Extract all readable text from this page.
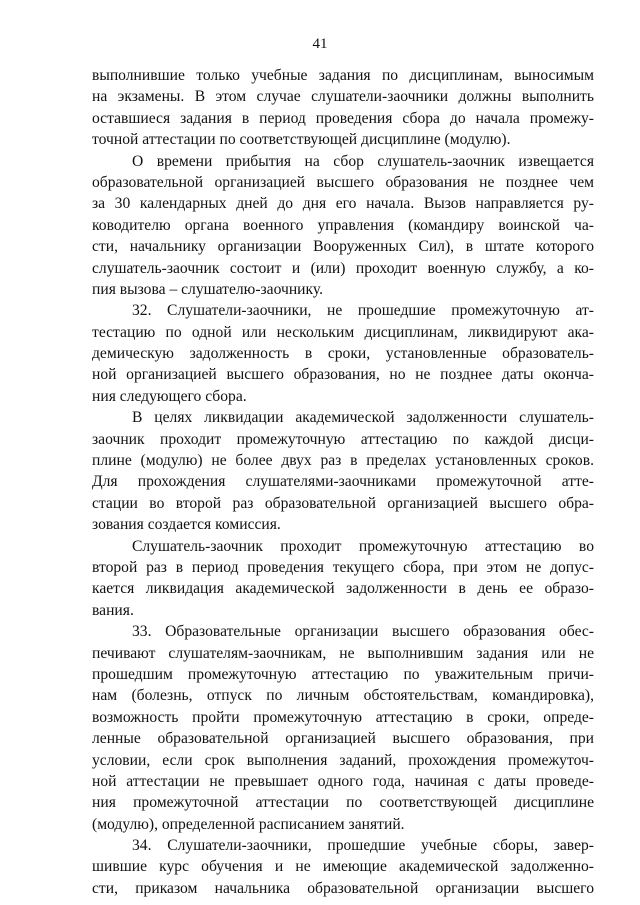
41
выполнившие только учебные задания по дисциплинам, выносимым
на экзамены. В этом случае слушатели-заочники должны выполнить
оставшиеся задания в период проведения сбора до начала промежу-
точной аттестации по соответствующей дисциплине (модулю).
О времени прибытия на сбор слушатель-заочник извещается
образовательной организацией высшего образования не позднее чем
за 30 календарных дней до дня его начала. Вызов направляется ру-
ководителю органа военного управления (командиру воинской ча-
сти, начальнику организации Вооруженных Сил), в штате которого
слушатель-заочник состоит и (или) проходит военную службу, а ко-
пия вызова – слушателю-заочнику.
32. Слушатели-заочники, не прошедшие промежуточную ат-
тестацию по одной или нескольким дисциплинам, ликвидируют ака-
демическую задолженность в сроки, установленные образователь-
ной организацией высшего образования, но не позднее даты оконча-
ния следующего сбора.
В целях ликвидации академической задолженности слушатель-
заочник проходит промежуточную аттестацию по каждой дисци-
плине (модулю) не более двух раз в пределах установленных сроков.
Для прохождения слушателями-заочниками промежуточной атте-
стации во второй раз образовательной организацией высшего обра-
зования создается комиссия.
Слушатель-заочник проходит промежуточную аттестацию во
второй раз в период проведения текущего сбора, при этом не допус-
кается ликвидация академической задолженности в день ее образо-
вания.
33. Образовательные организации высшего образования обес-
печивают слушателям-заочникам, не выполнившим задания или не
прошедшим промежуточную аттестацию по уважительным причи-
нам (болезнь, отпуск по личным обстоятельствам, командировка),
возможность пройти промежуточную аттестацию в сроки, опреде-
ленные образовательной организацией высшего образования, при
условии, если срок выполнения заданий, прохождения промежуточ-
ной аттестации не превышает одного года, начиная с даты проведе-
ния промежуточной аттестации по соответствующей дисциплине
(модулю), определенной расписанием занятий.
34. Слушатели-заочники, прошедшие учебные сборы, завер-
шившие курс обучения и не имеющие академической задолженно-
сти, приказом начальника образовательной организации высшего
